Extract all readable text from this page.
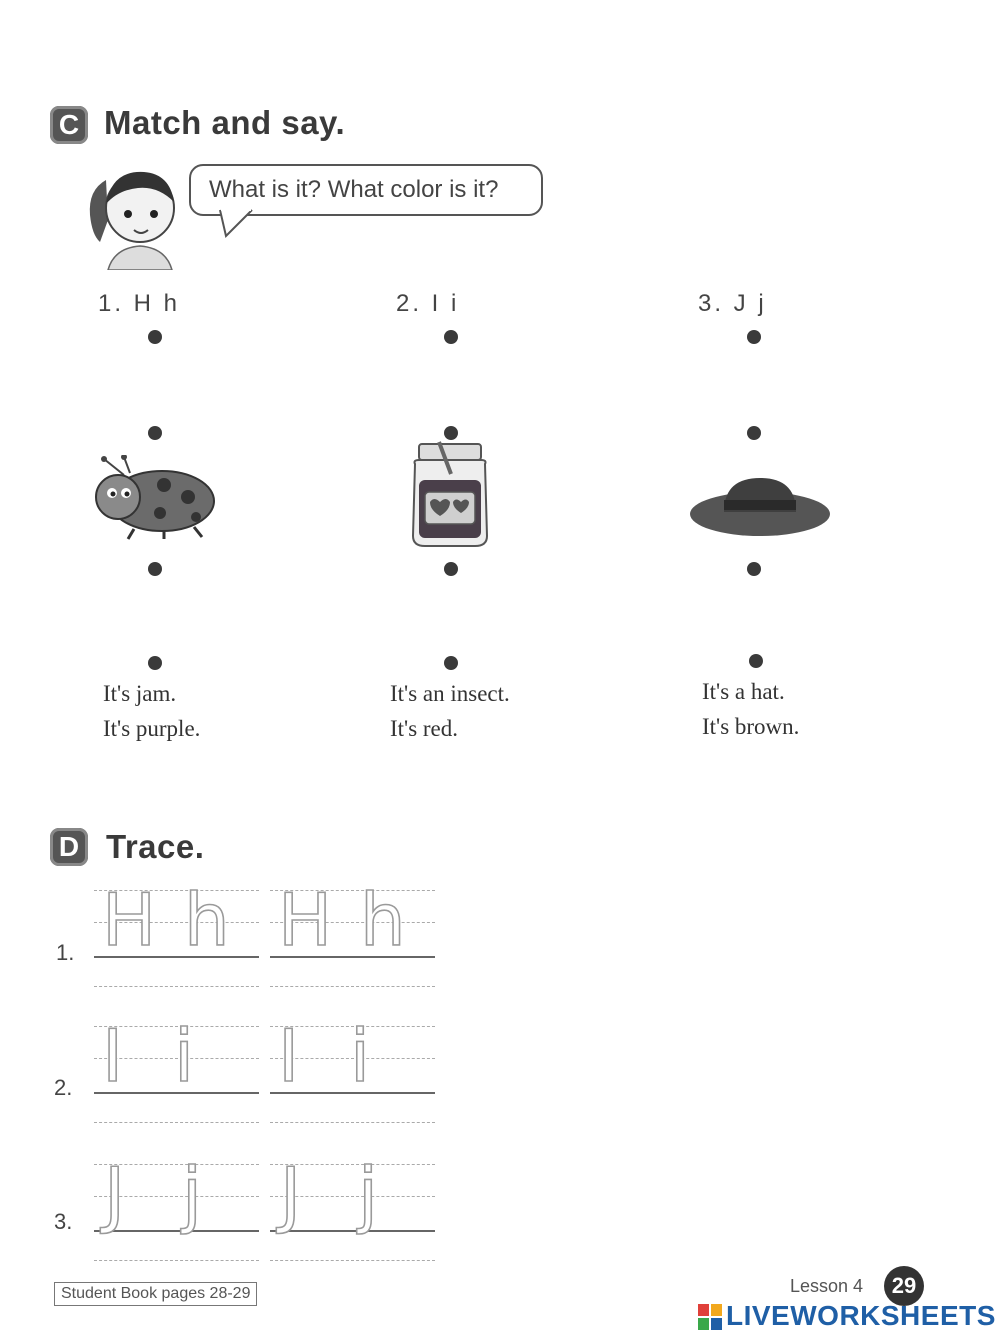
C Match and say.
What is it? What color is it?
1. H h	2. I i	3. J j
It's jam.
It's purple.
It's an insect.
It's red.
It's a hat.
It's brown.
D Trace.
1. H h H h
2. I i I i
3. J j J j
Student Book pages 28-29	Lesson 4 29
LIVEWORKSHEETS
